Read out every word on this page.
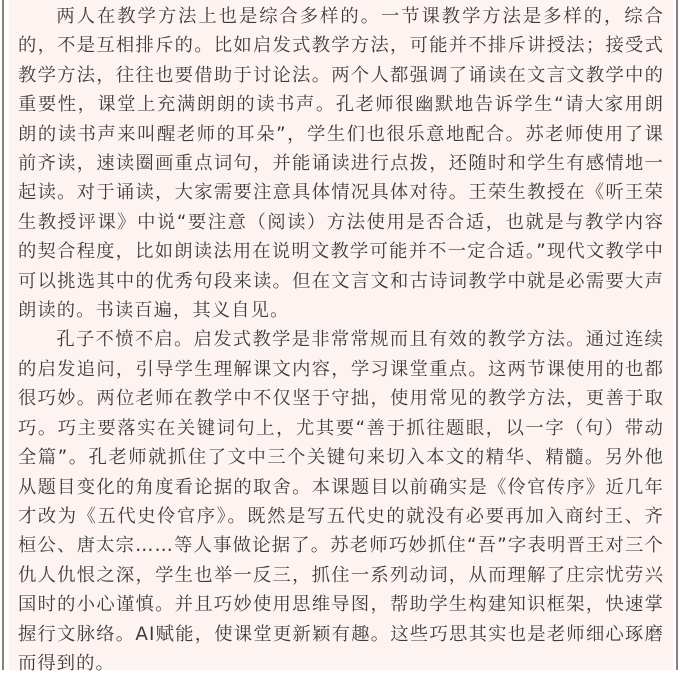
两人在教学方法上也是综合多样的。一节课教学方法是多样的，综合的，不是互相排斥的。比如启发式教学方法，可能并不排斥讲授法；接受式教学方法，往往也要借助于讨论法。两个人都强调了诵读在文言文教学中的重要性，课堂上充满朗朗的读书声。孔老师很幽默地告诉学生“请大家用朗朗的读书声来叫醒老师的耳朵”，学生们也很乐意地配合。苏老师使用了课前齐读，速读圈画重点词句，并能诵读进行点拨，还随时和学生有感情地一起读。对于诵读，大家需要注意具体情况具体对待。王荣生教授在《听王荣生教授评课》中说“要注意（阅读）方法使用是否合适，也就是与教学内容的契合程度，比如朗读法用在说明文教学可能并不一定合适。”现代文教学中可以挑选其中的优秀句段来读。但在文言文和古诗词教学中就是必需要大声朗读的。书读百遍，其义自见。

孔子不愤不启。启发式教学是非常常规而且有效的教学方法。通过连续的启发追问，引导学生理解课文内容，学习课堂重点。这两节课使用的也都很巧妙。两位老师在教学中不仅坚于守拙，使用常见的教学方法，更善于取巧。巧主要落实在关键词句上，尤其要“善于抓往题眼，以一字（句）带动全篇”。孔老师就抓住了文中三个关键句来切入本文的精华、精髓。另外他从题目变化的角度看论据的取舍。本课题目以前确实是《伶官传序》近几年才改为《五代史伶官序》。既然是写五代史的就没有必要再加入商纣王、齐桓公、唐太宗……等人事做论据了。苏老师巧妙抓住“吾”字表明晋王对三个仇人仇恨之深，学生也举一反三，抓住一系列动词，从而理解了庄宗忧劳兴国时的小心谨慎。并且巧妙使用思维导图，帮助学生构建知识框架，快速掌握行文脉络。AI赋能，使课堂更新颖有趣。这些巧思其实也是老师细心琢磨而得到的。
